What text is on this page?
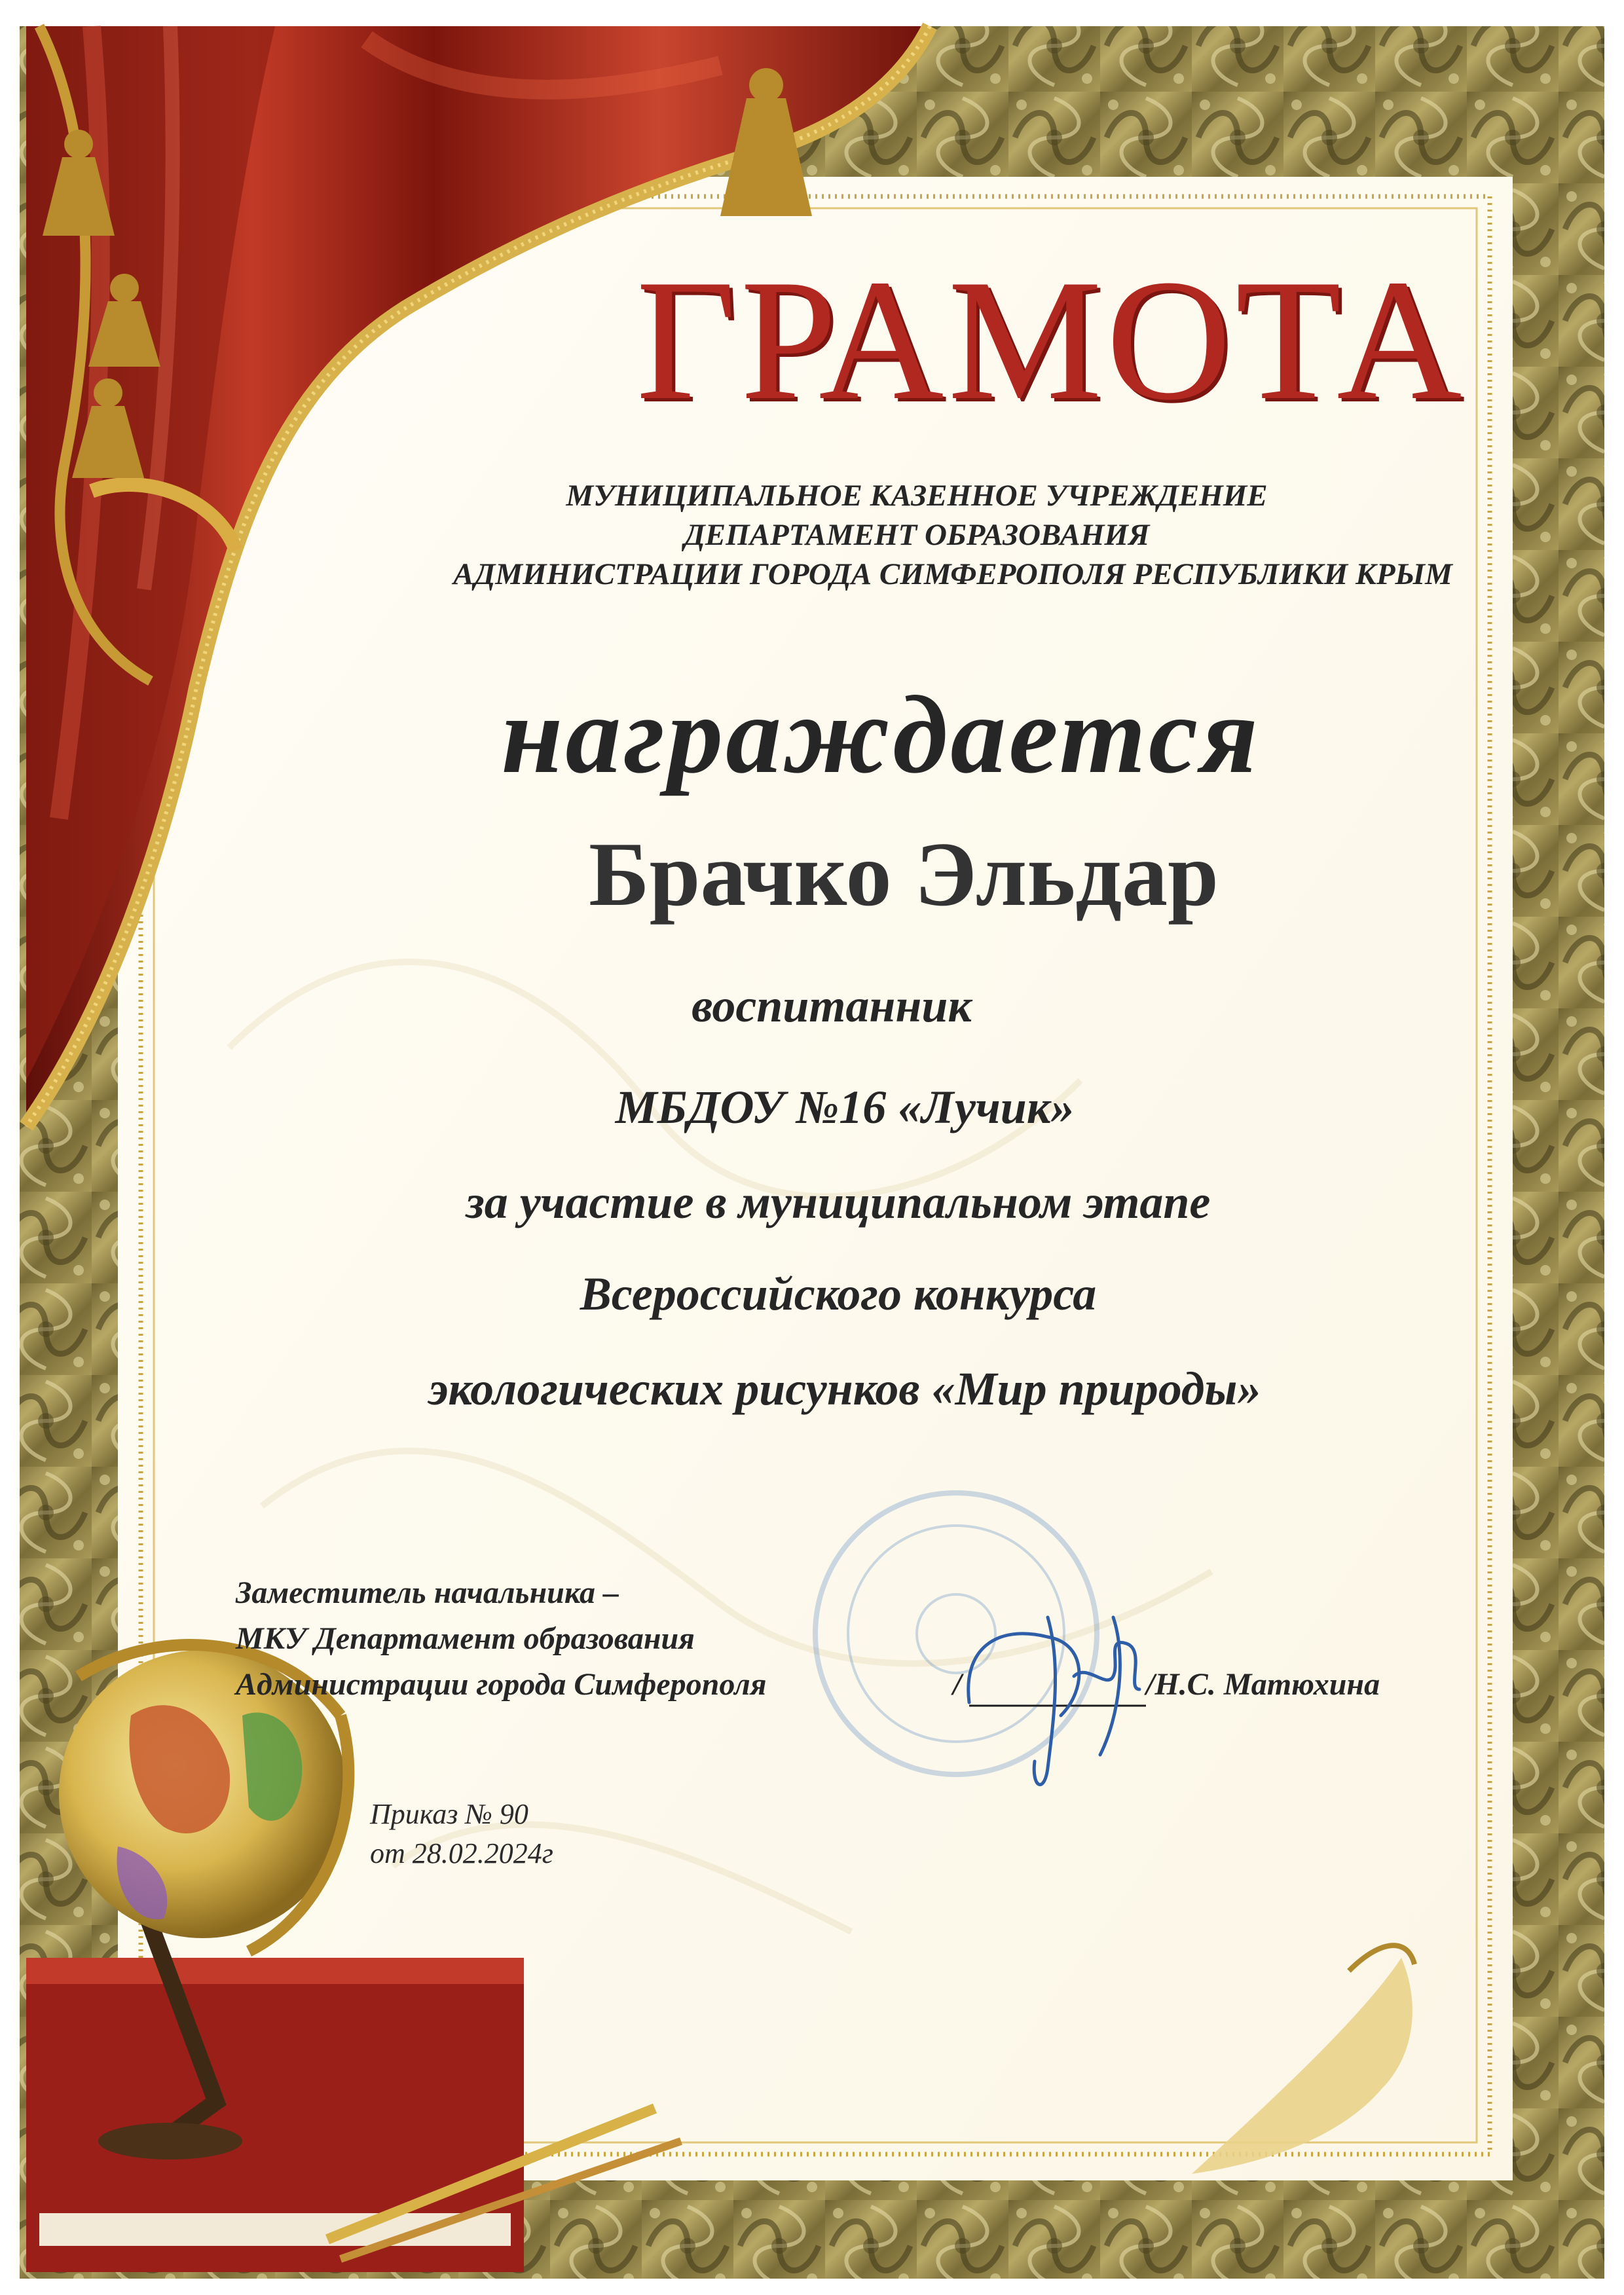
ГРАМОТА
МУНИЦИПАЛЬНОЕ КАЗЕННОЕ УЧРЕЖДЕНИЕ
ДЕПАРТАМЕНТ ОБРАЗОВАНИЯ
АДМИНИСТРАЦИИ ГОРОДА СИМФЕРОПОЛЯ РЕСПУБЛИКИ КРЫМ
награждается
Брачко Эльдар
воспитанник
МБДОУ №16 «Лучик»
за участие в муниципальном этапе
Всероссийского конкурса
экологических рисунков «Мир природы»
Заместитель начальника –
МКУ Департамент образования
Администрации города Симферополя	/	/Н.С. Матюхина
Приказ № 90
от 28.02.2024г
